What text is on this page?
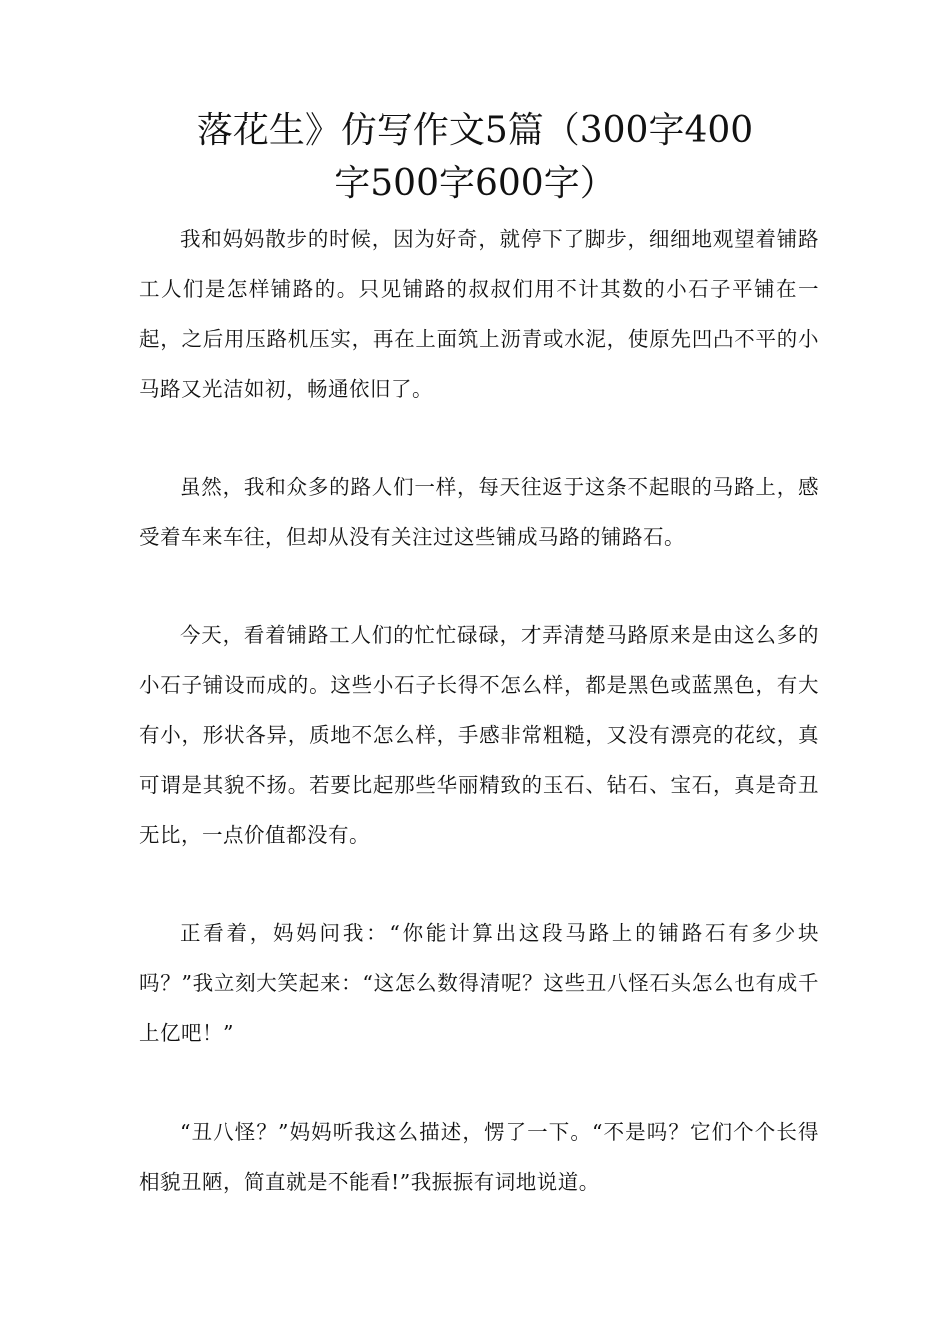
落花生》仿写作文5篇（300字400
字500字600字）

我和妈妈散步的时候，因为好奇，就停下了脚步，细细地观望着铺路工人们是怎样铺路的。只见铺路的叔叔们用不计其数的小石子平铺在一起，之后用压路机压实，再在上面筑上沥青或水泥，使原先凹凸不平的小马路又光洁如初，畅通依旧了。

虽然，我和众多的路人们一样，每天往返于这条不起眼的马路上，感受着车来车往，但却从没有关注过这些铺成马路的铺路石。

今天，看着铺路工人们的忙忙碌碌，才弄清楚马路原来是由这么多的小石子铺设而成的。这些小石子长得不怎么样，都是黑色或蓝黑色，有大有小，形状各异，质地不怎么样，手感非常粗糙，又没有漂亮的花纹，真可谓是其貌不扬。若要比起那些华丽精致的玉石、钻石、宝石，真是奇丑无比，一点价值都没有。

正看着，妈妈问我：“你能计算出这段马路上的铺路石有多少块吗？”我立刻大笑起来：“这怎么数得清呢？这些丑八怪石头怎么也有成千上亿吧！”

“丑八怪？”妈妈听我这么描述，愣了一下。“不是吗？它们个个长得相貌丑陋，简直就是不能看!”我振振有词地说道。
